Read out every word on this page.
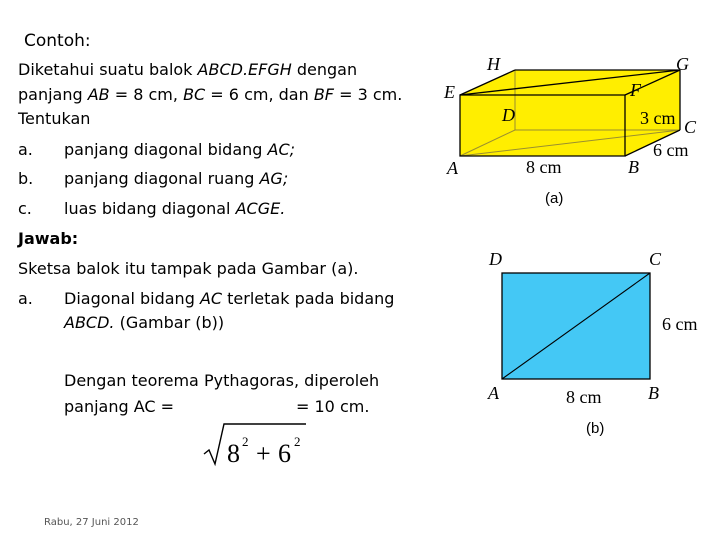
Contoh:
Diketahui suatu balok ABCD.EFGH dengan
panjang AB = 8 cm, BC = 6 cm, dan BF = 3 cm.
Tentukan
a. panjang diagonal bidang AC;
b. panjang diagonal ruang AG;
c. luas bidang diagonal ACGE.
Jawab:
Sketsa balok itu tampak pada Gambar (a).
a. Diagonal bidang AC terletak pada bidang
ABCD. (Gambar (b))
Dengan teorema Pythagoras, diperoleh
panjang AC =	= 10 cm.
8 2 + 6 2
H	G
E	F
D	3 cm C
6 cm
A	8 cm	B
(a)
D	C
6 cm
A	8 cm	B
(b)
Rabu, 27 Juni 2012
